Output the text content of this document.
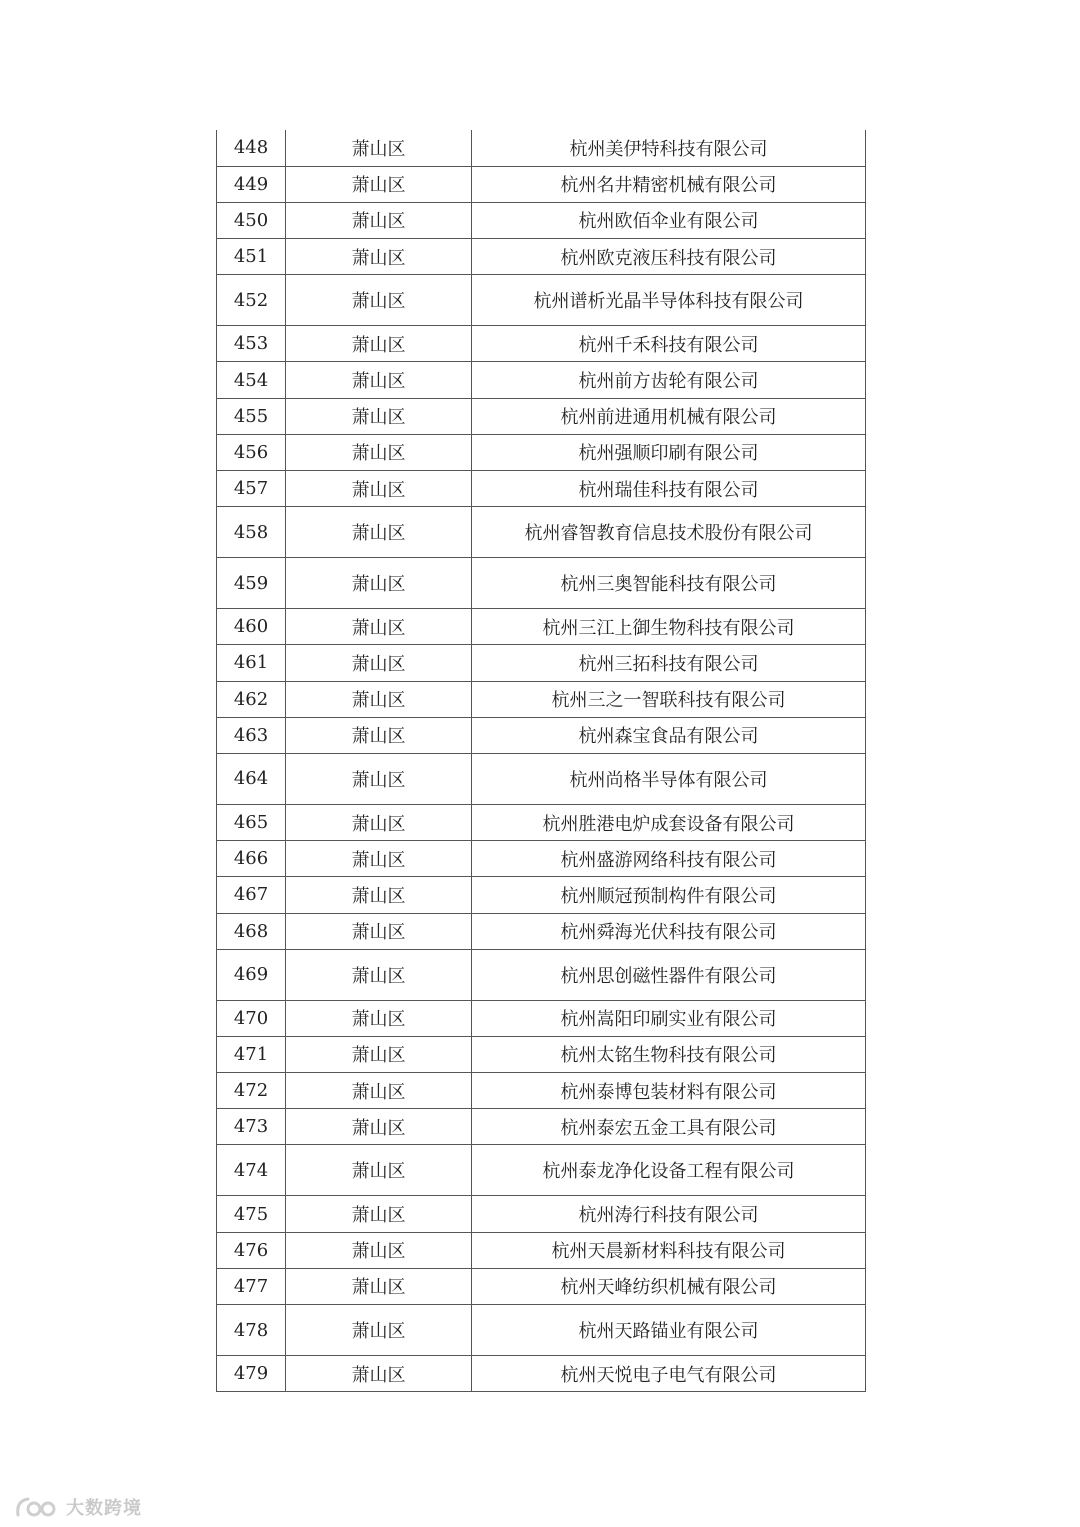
448	萧山区	杭州美伊特科技有限公司
449	萧山区	杭州名井精密机械有限公司
450	萧山区	杭州欧佰伞业有限公司
451	萧山区	杭州欧克液压科技有限公司
452	萧山区	杭州谱析光晶半导体科技有限公司
453	萧山区	杭州千禾科技有限公司
454	萧山区	杭州前方齿轮有限公司
455	萧山区	杭州前进通用机械有限公司
456	萧山区	杭州强顺印刷有限公司
457	萧山区	杭州瑞佳科技有限公司
458	萧山区	杭州睿智教育信息技术股份有限公司
459	萧山区	杭州三奥智能科技有限公司
460	萧山区	杭州三江上御生物科技有限公司
461	萧山区	杭州三拓科技有限公司
462	萧山区	杭州三之一智联科技有限公司
463	萧山区	杭州森宝食品有限公司
464	萧山区	杭州尚格半导体有限公司
465	萧山区	杭州胜港电炉成套设备有限公司
466	萧山区	杭州盛游网络科技有限公司
467	萧山区	杭州顺冠预制构件有限公司
468	萧山区	杭州舜海光伏科技有限公司
469	萧山区	杭州思创磁性器件有限公司
470	萧山区	杭州嵩阳印刷实业有限公司
471	萧山区	杭州太铭生物科技有限公司
472	萧山区	杭州泰博包装材料有限公司
473	萧山区	杭州泰宏五金工具有限公司
474	萧山区	杭州泰龙净化设备工程有限公司
475	萧山区	杭州涛行科技有限公司
476	萧山区	杭州天晨新材料科技有限公司
477	萧山区	杭州天峰纺织机械有限公司
478	萧山区	杭州天路锚业有限公司
479	萧山区	杭州天悦电子电气有限公司
大数跨境
